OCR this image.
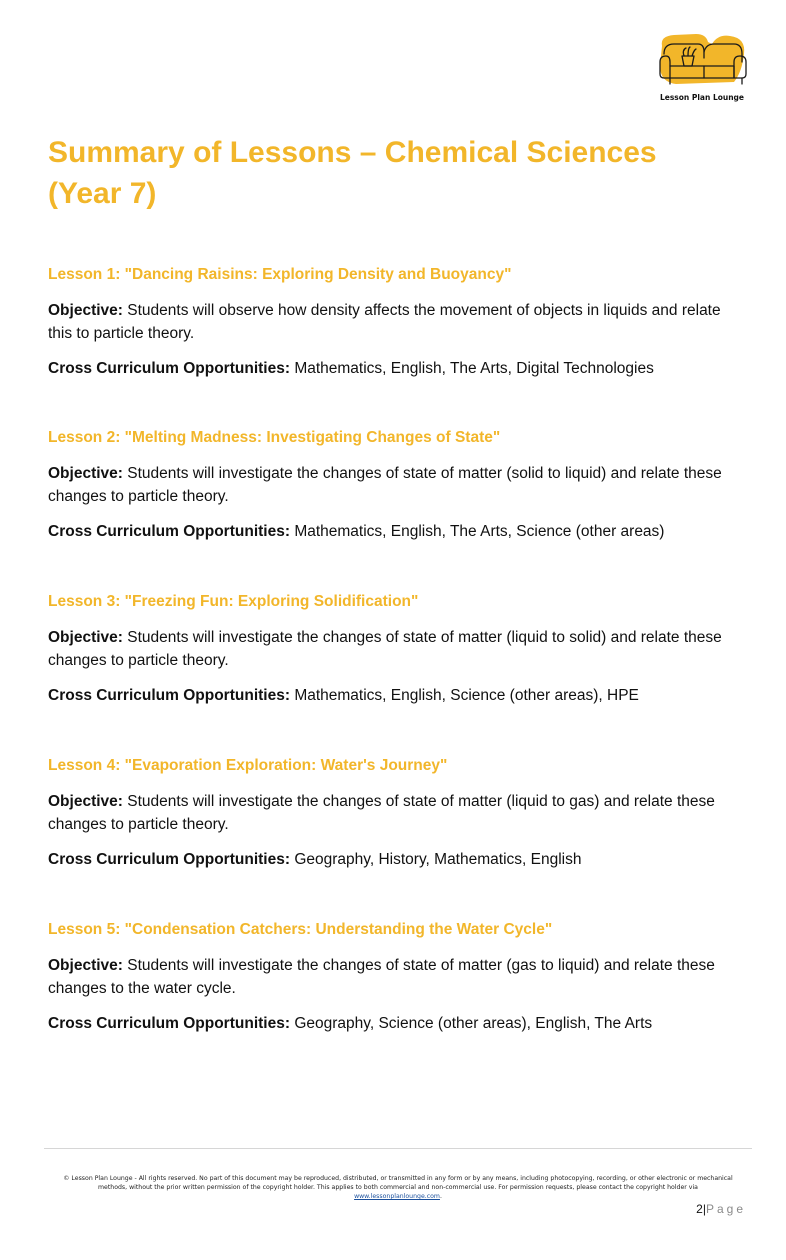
Lesson Plan Lounge
Summary of Lessons – Chemical Sciences (Year 7)
Lesson 1: "Dancing Raisins: Exploring Density and Buoyancy"

Objective: Students will observe how density affects the movement of objects in liquids and relate this to particle theory.

Cross Curriculum Opportunities: Mathematics, English, The Arts, Digital Technologies

Lesson 2: "Melting Madness: Investigating Changes of State"

Objective: Students will investigate the changes of state of matter (solid to liquid) and relate these changes to particle theory.

Cross Curriculum Opportunities: Mathematics, English, The Arts, Science (other areas)

Lesson 3: "Freezing Fun: Exploring Solidification"

Objective: Students will investigate the changes of state of matter (liquid to solid) and relate these changes to particle theory.

Cross Curriculum Opportunities: Mathematics, English, Science (other areas), HPE

Lesson 4: "Evaporation Exploration: Water's Journey"

Objective: Students will investigate the changes of state of matter (liquid to gas) and relate these changes to particle theory.

Cross Curriculum Opportunities: Geography, History, Mathematics, English

Lesson 5: "Condensation Catchers: Understanding the Water Cycle"

Objective: Students will investigate the changes of state of matter (gas to liquid) and relate these changes to the water cycle.

Cross Curriculum Opportunities: Geography, Science (other areas), English, The Arts

© Lesson Plan Lounge - All rights reserved. No part of this document may be reproduced, distributed, or transmitted in any form or by any means, including photocopying, recording, or other electronic or mechanical methods, without the prior written permission of the copyright holder. This applies to both commercial and non-commercial use. For permission requests, please contact the copyright holder via
www.lessonplanlounge.com.
2|Page
